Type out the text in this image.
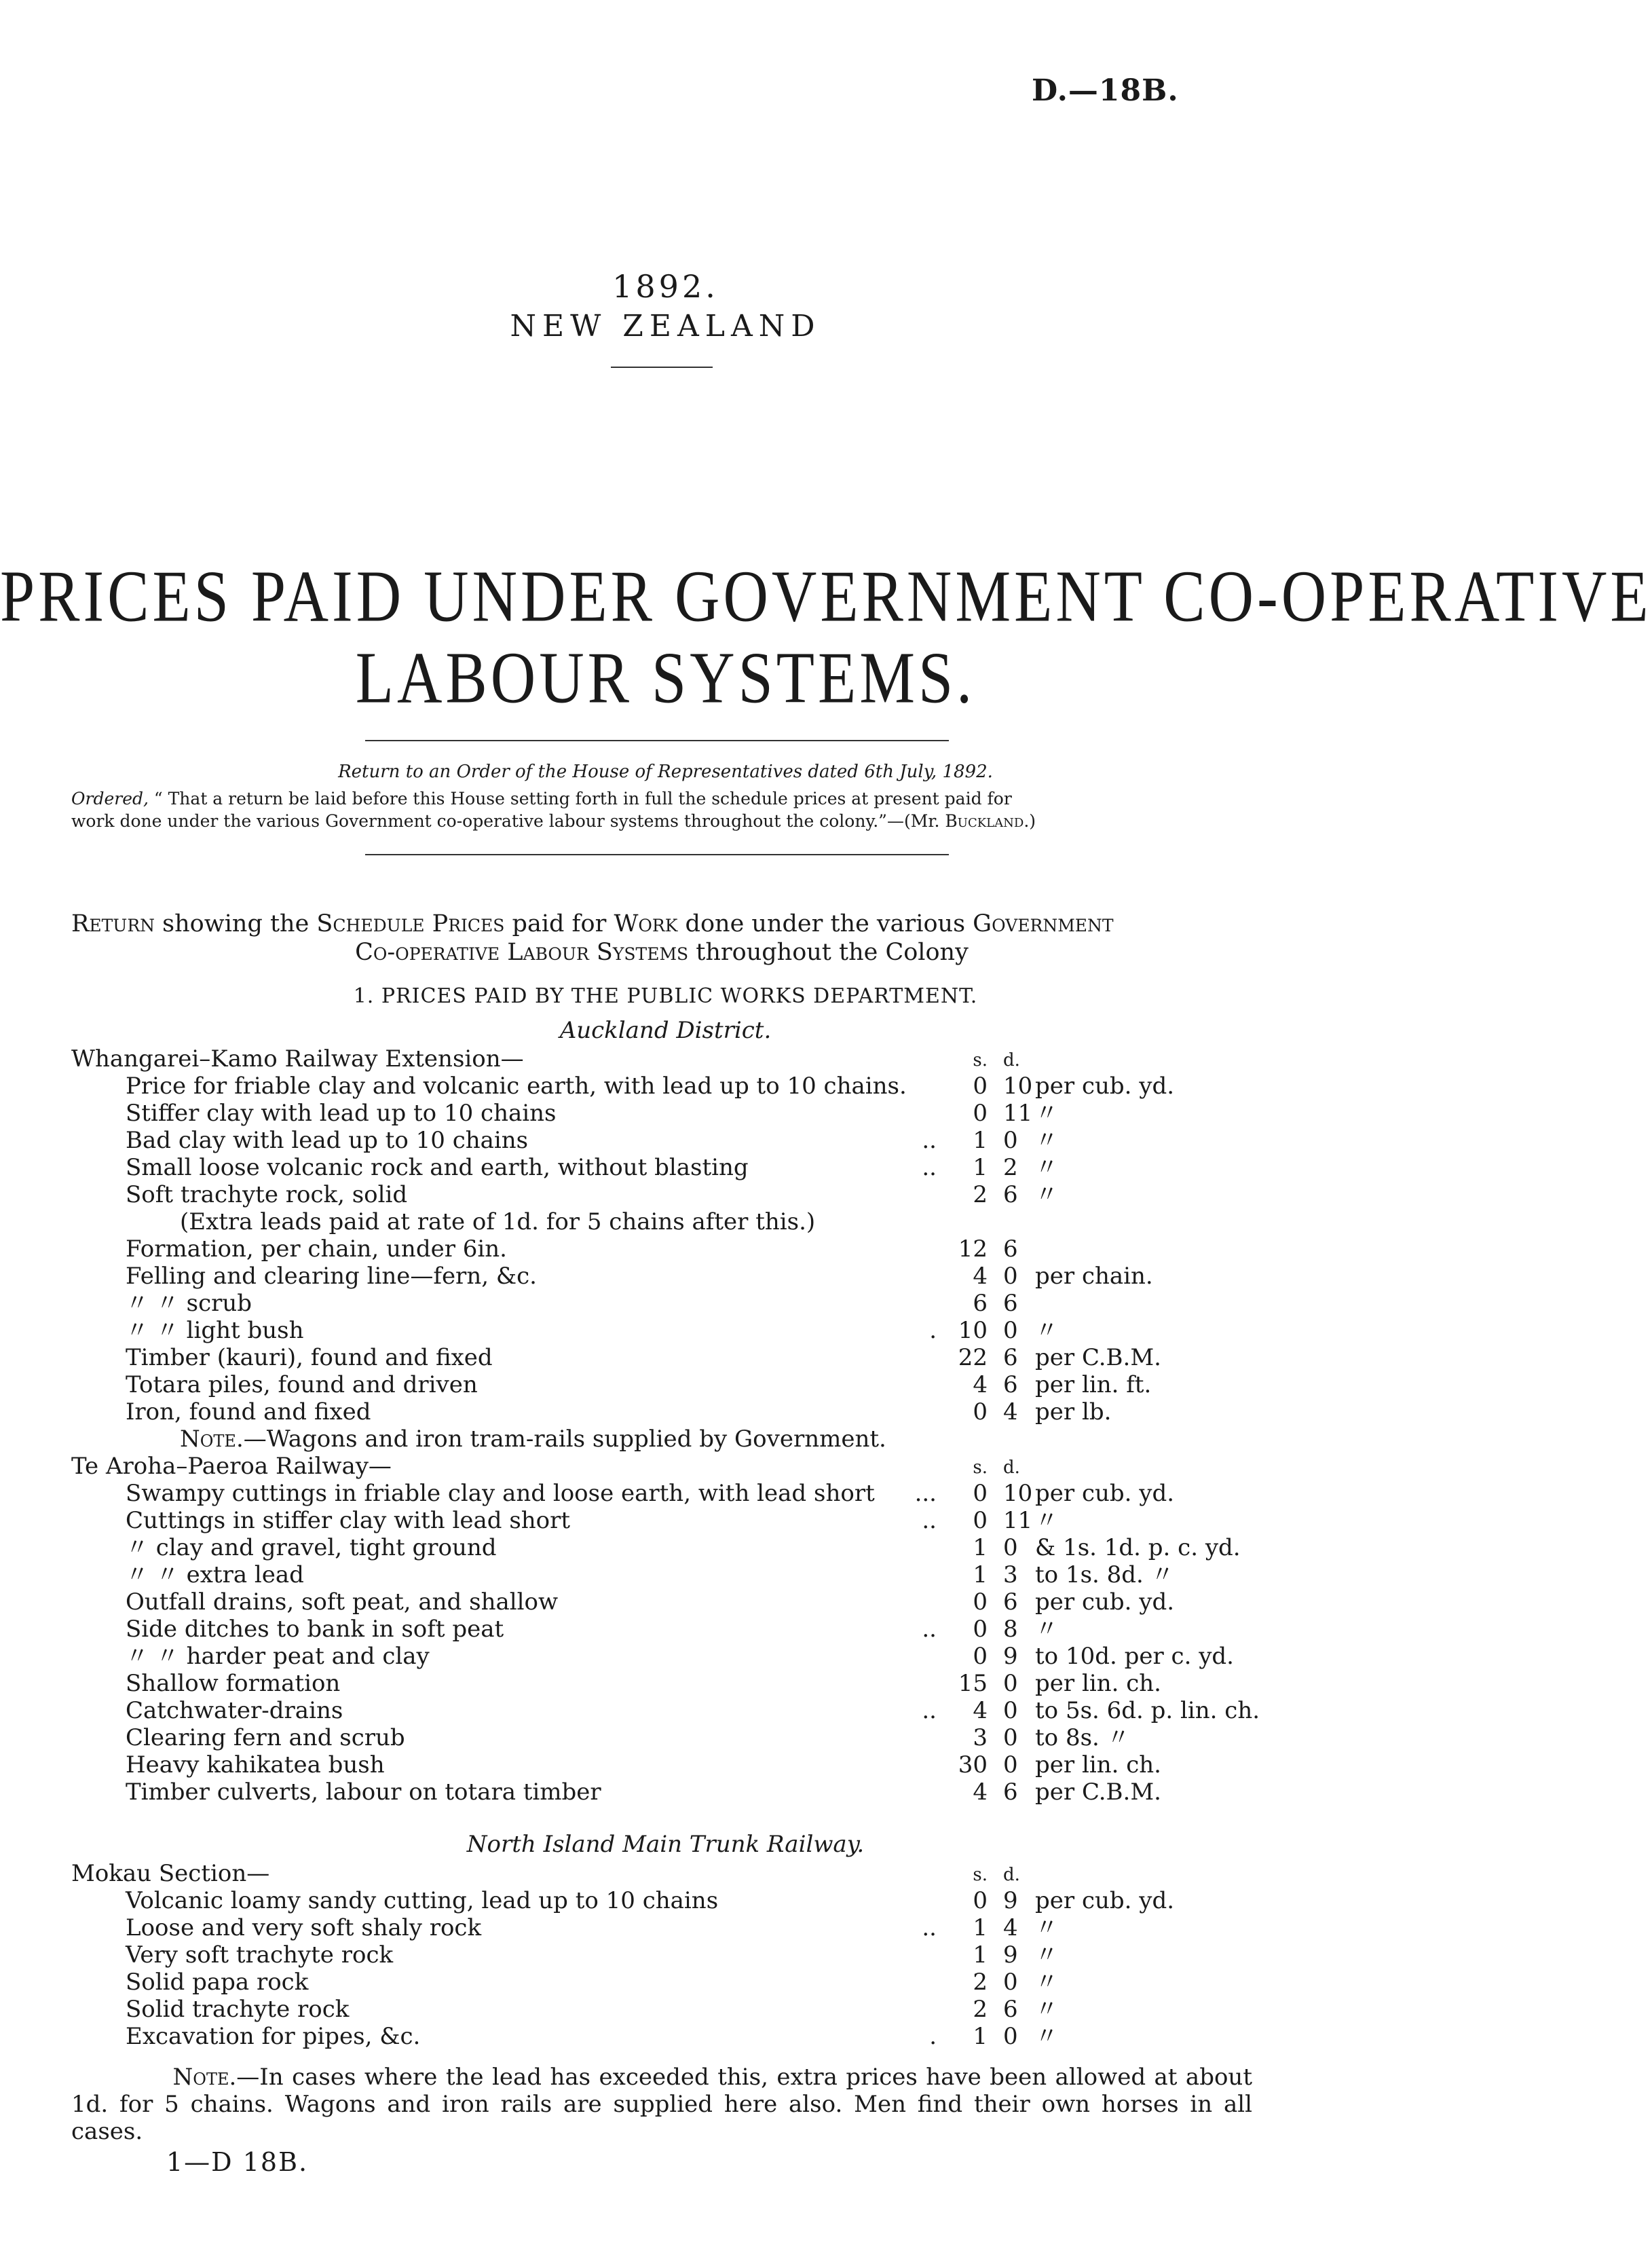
D.—18B.
1892.
NEW ZEALAND
PRICES PAID UNDER GOVERNMENT CO-OPERATIVE
LABOUR SYSTEMS.
Return to an Order of the House of Representatives dated 6th July, 1892.
Ordered, “ That a return be laid before this House setting forth in full the schedule prices at present paid for
work done under the various Government co-operative labour systems throughout the colony.”—(Mr. Buckland.)
Return showing the Schedule Prices paid for Work done under the various Government
Co-operative Labour Systems throughout the Colony
1. PRICES PAID BY THE PUBLIC WORKS DEPARTMENT.
Auckland District.
Whangarei–Kamo Railway Extension—	s. d.
Price for friable clay and volcanic earth, with lead up to 10 chains.	0 10 per cub. yd.
Stiffer clay with lead up to 10 chains	0 11 〃
Bad clay with lead up to 10 chains	..	1 0 〃
Small loose volcanic rock and earth, without blasting	..	1 2 〃
Soft trachyte rock, solid	2 6 〃
(Extra leads paid at rate of 1d. for 5 chains after this.)
Formation, per chain, under 6in.	12 6
Felling and clearing line—fern, &c.	4 0 per chain.
〃 〃 scrub	6 6
〃 〃 light bush	. 10 0 〃
Timber (kauri), found and fixed	22 6 per C.B.M.
Totara piles, found and driven	4 6 per lin. ft.
Iron, found and fixed	0 4 per lb.
Note.—Wagons and iron tram-rails supplied by Government.
Te Aroha–Paeroa Railway—	s. d.
Swampy cuttings in friable clay and loose earth, with lead short	...	0 10 per cub. yd.
Cuttings in stiffer clay with lead short	..	0 11 〃
〃 clay and gravel, tight ground	1 0 & 1s. 1d. p. c. yd.
〃 〃 extra lead	1 3 to 1s. 8d. 〃
Outfall drains, soft peat, and shallow	0 6 per cub. yd.
Side ditches to bank in soft peat	..	0 8 〃
〃 〃 harder peat and clay	0 9 to 10d. per c. yd.
Shallow formation	15 0 per lin. ch.
Catchwater-drains	..	4 0 to 5s. 6d. p. lin. ch.
Clearing fern and scrub	3 0 to 8s. 〃
Heavy kahikatea bush	30 0 per lin. ch.
Timber culverts, labour on totara timber	4 6 per C.B.M.
North Island Main Trunk Railway.
Mokau Section—	s. d.
Volcanic loamy sandy cutting, lead up to 10 chains	0 9 per cub. yd.
Loose and very soft shaly rock	..	1 4 〃
Very soft trachyte rock	1 9 〃
Solid papa rock	2 0 〃
Solid trachyte rock	2 6 〃
Excavation for pipes, &c.	.	1 0 〃
Note.—In cases where the lead has exceeded this, extra prices have been allowed at about 1d. for 5 chains. Wagons and iron rails are supplied here also. Men find their own horses in all cases.
1—D 18B.
